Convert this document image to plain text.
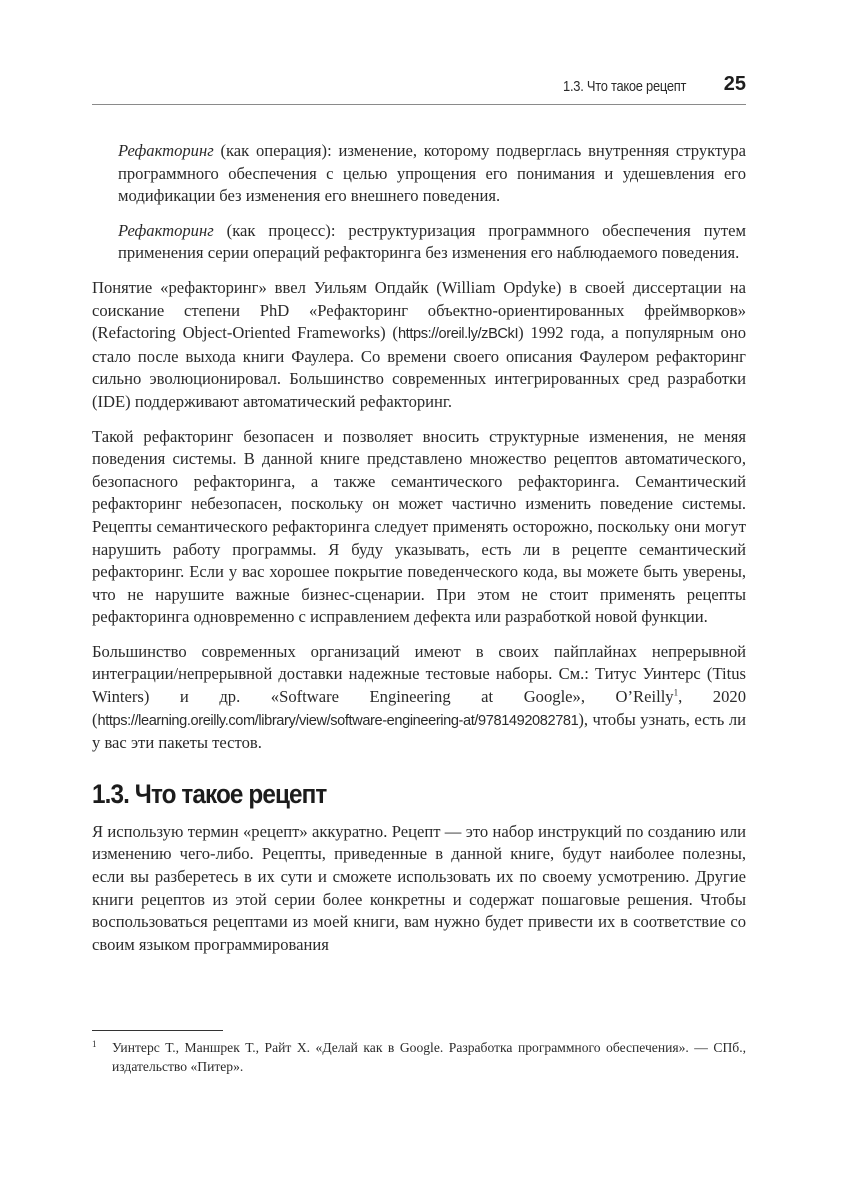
1.3. Что такое рецепт 25

Рефакторинг (как операция): изменение, которому подверглась внутренняя структура программного обеспечения с целью упрощения его понимания и удешевления его модификации без изменения его внешнего поведения.

Рефакторинг (как процесс): реструктуризация программного обеспечения путем применения серии операций рефакторинга без изменения его наблюдаемого поведения.

Понятие «рефакторинг» ввел Уильям Опдайк (William Opdyke) в своей диссертации на соискание степени PhD «Рефакторинг объектно-ориентированных фреймворков» (Refactoring Object-Oriented Frameworks) (https://oreil.ly/zBCkI) 1992 года, а популярным оно стало после выхода книги Фаулера. Со времени своего описания Фаулером рефакторинг сильно эволюционировал. Большинство современных интегрированных сред разработки (IDE) поддерживают автоматический рефакторинг.

Такой рефакторинг безопасен и позволяет вносить структурные изменения, не меняя поведения системы. В данной книге представлено множество рецептов автоматического, безопасного рефакторинга, а также семантического рефакторинга. Семантический рефакторинг небезопасен, поскольку он может частично изменить поведение системы. Рецепты семантического рефакторинга следует применять осторожно, поскольку они могут нарушить работу программы. Я буду указывать, есть ли в рецепте семантический рефакторинг. Если у вас хорошее покрытие поведенческого кода, вы можете быть уверены, что не нарушите важные бизнес-сценарии. При этом не стоит применять рецепты рефакторинга одновременно с исправлением дефекта или разработкой новой функции.

Большинство современных организаций имеют в своих пайплайнах непрерывной интеграции/непрерывной доставки надежные тестовые наборы. См.: Титус Уинтерс (Titus Winters) и др. «Software Engineering at Google», O’Reilly$^1$, 2020 (https://learning.oreilly.com/library/view/software-engineering-at/9781492082781), чтобы узнать, есть ли у вас эти пакеты тестов.

1.3. Что такое рецепт

Я использую термин «рецепт» аккуратно. Рецепт — это набор инструкций по созданию или изменению чего-либо. Рецепты, приведенные в данной книге, будут наиболее полезны, если вы разберетесь в их сути и сможете использовать их по своему усмотрению. Другие книги рецептов из этой серии более конкретны и содержат пошаговые решения. Чтобы воспользоваться рецептами из моей книги, вам нужно будет привести их в соответствие со своим языком программирования

1	Уинтерс Т., Маншрек Т., Райт Х. «Делай как в Google. Разработка программного обеспечения». — СПб., издательство «Питер».
